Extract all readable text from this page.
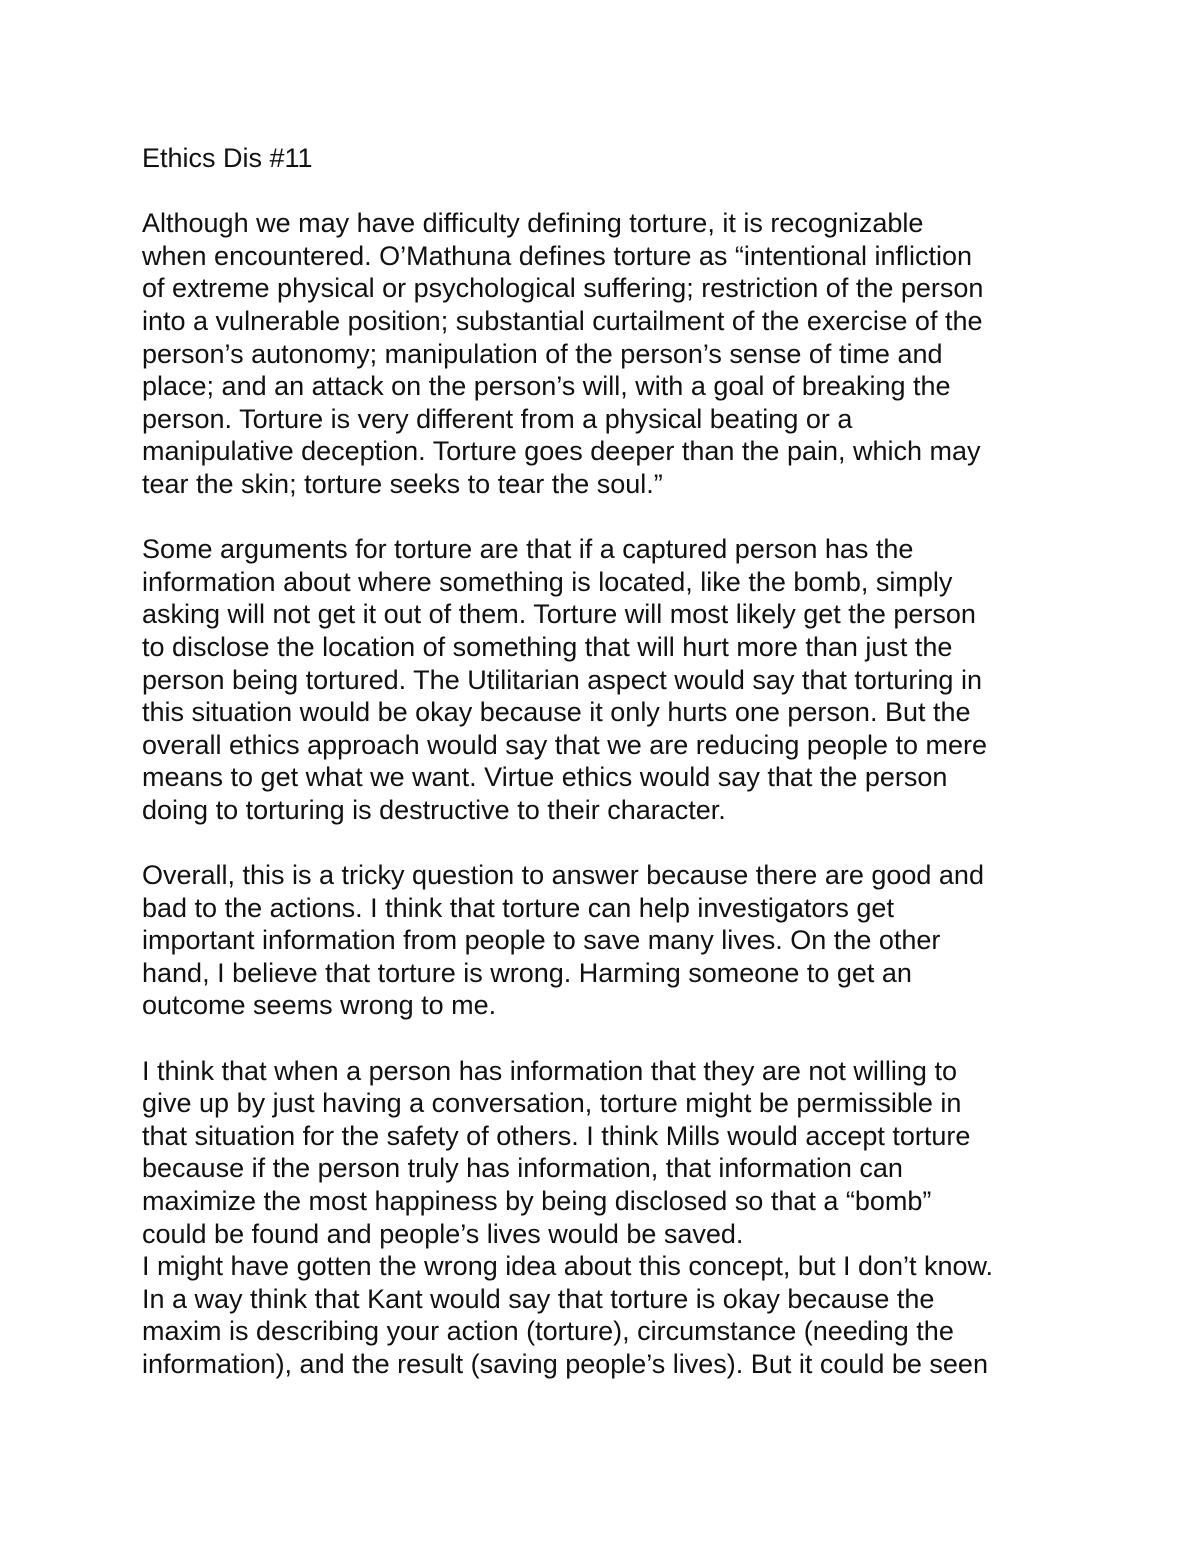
Ethics Dis #11
Although we may have difficulty defining torture, it is recognizable
when encountered. O’Mathuna defines torture as “intentional infliction
of extreme physical or psychological suffering; restriction of the person
into a vulnerable position; substantial curtailment of the exercise of the
person’s autonomy; manipulation of the person’s sense of time and
place; and an attack on the person’s will, with a goal of breaking the
person. Torture is very different from a physical beating or a
manipulative deception. Torture goes deeper than the pain, which may
tear the skin; torture seeks to tear the soul.”
Some arguments for torture are that if a captured person has the
information about where something is located, like the bomb, simply
asking will not get it out of them. Torture will most likely get the person
to disclose the location of something that will hurt more than just the
person being tortured. The Utilitarian aspect would say that torturing in
this situation would be okay because it only hurts one person. But the
overall ethics approach would say that we are reducing people to mere
means to get what we want. Virtue ethics would say that the person
doing to torturing is destructive to their character.
Overall, this is a tricky question to answer because there are good and
bad to the actions. I think that torture can help investigators get
important information from people to save many lives. On the other
hand, I believe that torture is wrong. Harming someone to get an
outcome seems wrong to me.
I think that when a person has information that they are not willing to
give up by just having a conversation, torture might be permissible in
that situation for the safety of others. I think Mills would accept torture
because if the person truly has information, that information can
maximize the most happiness by being disclosed so that a “bomb”
could be found and people’s lives would be saved.
I might have gotten the wrong idea about this concept, but I don’t know.
In a way think that Kant would say that torture is okay because the
maxim is describing your action (torture), circumstance (needing the
information), and the result (saving people’s lives). But it could be seen
